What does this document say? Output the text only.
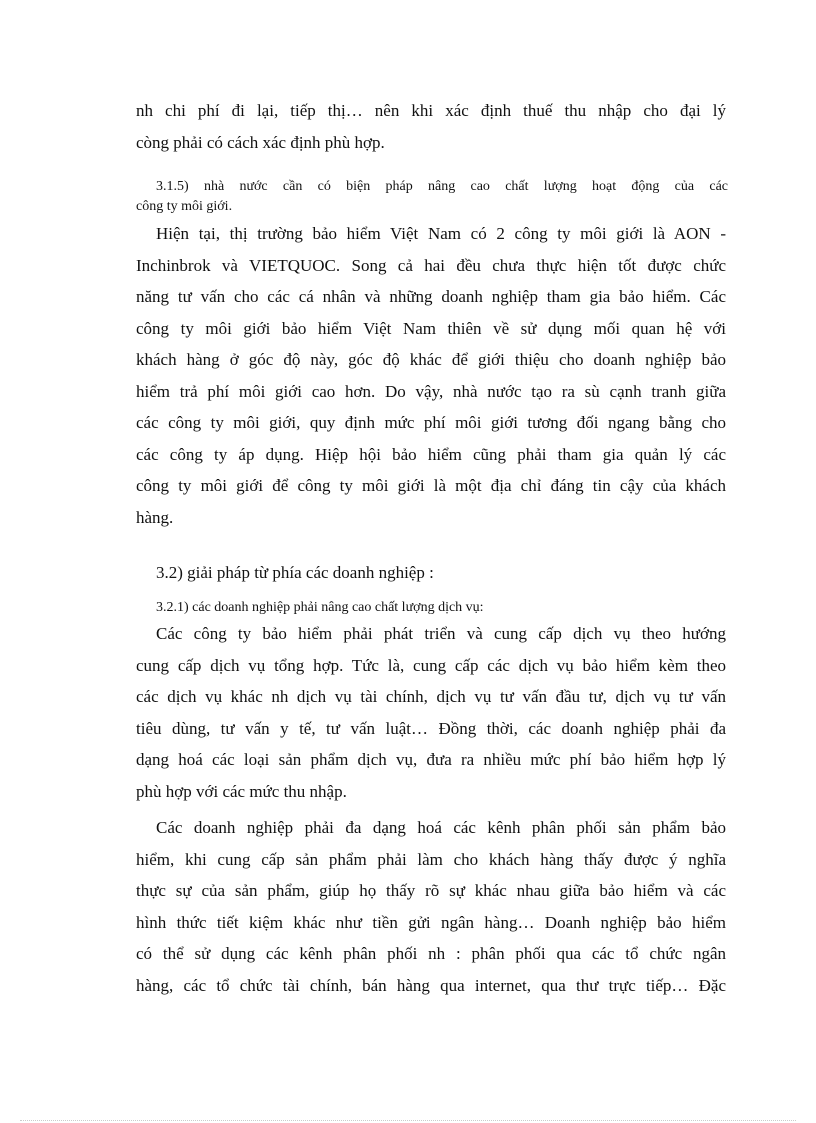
nh chi phí đi lại, tiếp thị… nên khi xác định thuế thu nhập cho đại lý
còng phải có cách xác định phù hợp.
3.1.5) nhà nước cần có biện pháp nâng cao chất lượng hoạt động của các
công ty môi giới.
Hiện tại, thị trường bảo hiểm Việt Nam có 2 công ty môi giới là AON -
Inchinbrok và VIETQUOC. Song cả hai đều chưa thực hiện tốt được chức
năng tư vấn cho các cá nhân và những doanh nghiệp tham gia bảo hiểm. Các
công ty môi giới bảo hiểm Việt Nam thiên về sử dụng mối quan hệ với
khách hàng ở góc độ này, góc độ khác để giới thiệu cho doanh nghiệp bảo
hiểm trả phí môi giới cao hơn. Do vậy, nhà nước tạo ra sù cạnh tranh giữa
các công ty môi giới, quy định mức phí môi giới tương đối ngang bằng cho
các công ty áp dụng. Hiệp hội bảo hiểm cũng phải tham gia quản lý các
công ty môi giới để công ty môi giới là một địa chỉ đáng tin cậy của khách
hàng.
3.2) giải pháp từ phía các doanh nghiệp :
3.2.1) các doanh nghiệp phải nâng cao chất lượng dịch vụ:
Các công ty bảo hiểm phải phát triển và cung cấp dịch vụ theo hướng
cung cấp dịch vụ tổng hợp. Tức là, cung cấp các dịch vụ bảo hiểm kèm theo
các dịch vụ khác nh dịch vụ tài chính, dịch vụ tư vấn đầu tư, dịch vụ tư vấn
tiêu dùng, tư vấn y tế, tư vấn luật… Đồng thời, các doanh nghiệp phải đa
dạng hoá các loại sản phẩm dịch vụ, đưa ra nhiều mức phí bảo hiểm hợp lý
phù hợp với các mức thu nhập.
Các doanh nghiệp phải đa dạng hoá các kênh phân phối sản phẩm bảo
hiểm, khi cung cấp sản phẩm phải làm cho khách hàng thấy được ý nghĩa
thực sự của sản phẩm, giúp họ thấy rõ sự khác nhau giữa bảo hiểm và các
hình thức tiết kiệm khác như tiền gửi ngân hàng… Doanh nghiệp bảo hiểm
có thể sử dụng các kênh phân phối nh : phân phối qua các tổ chức ngân
hàng, các tổ chức tài chính, bán hàng qua internet, qua thư trực tiếp… Đặc
